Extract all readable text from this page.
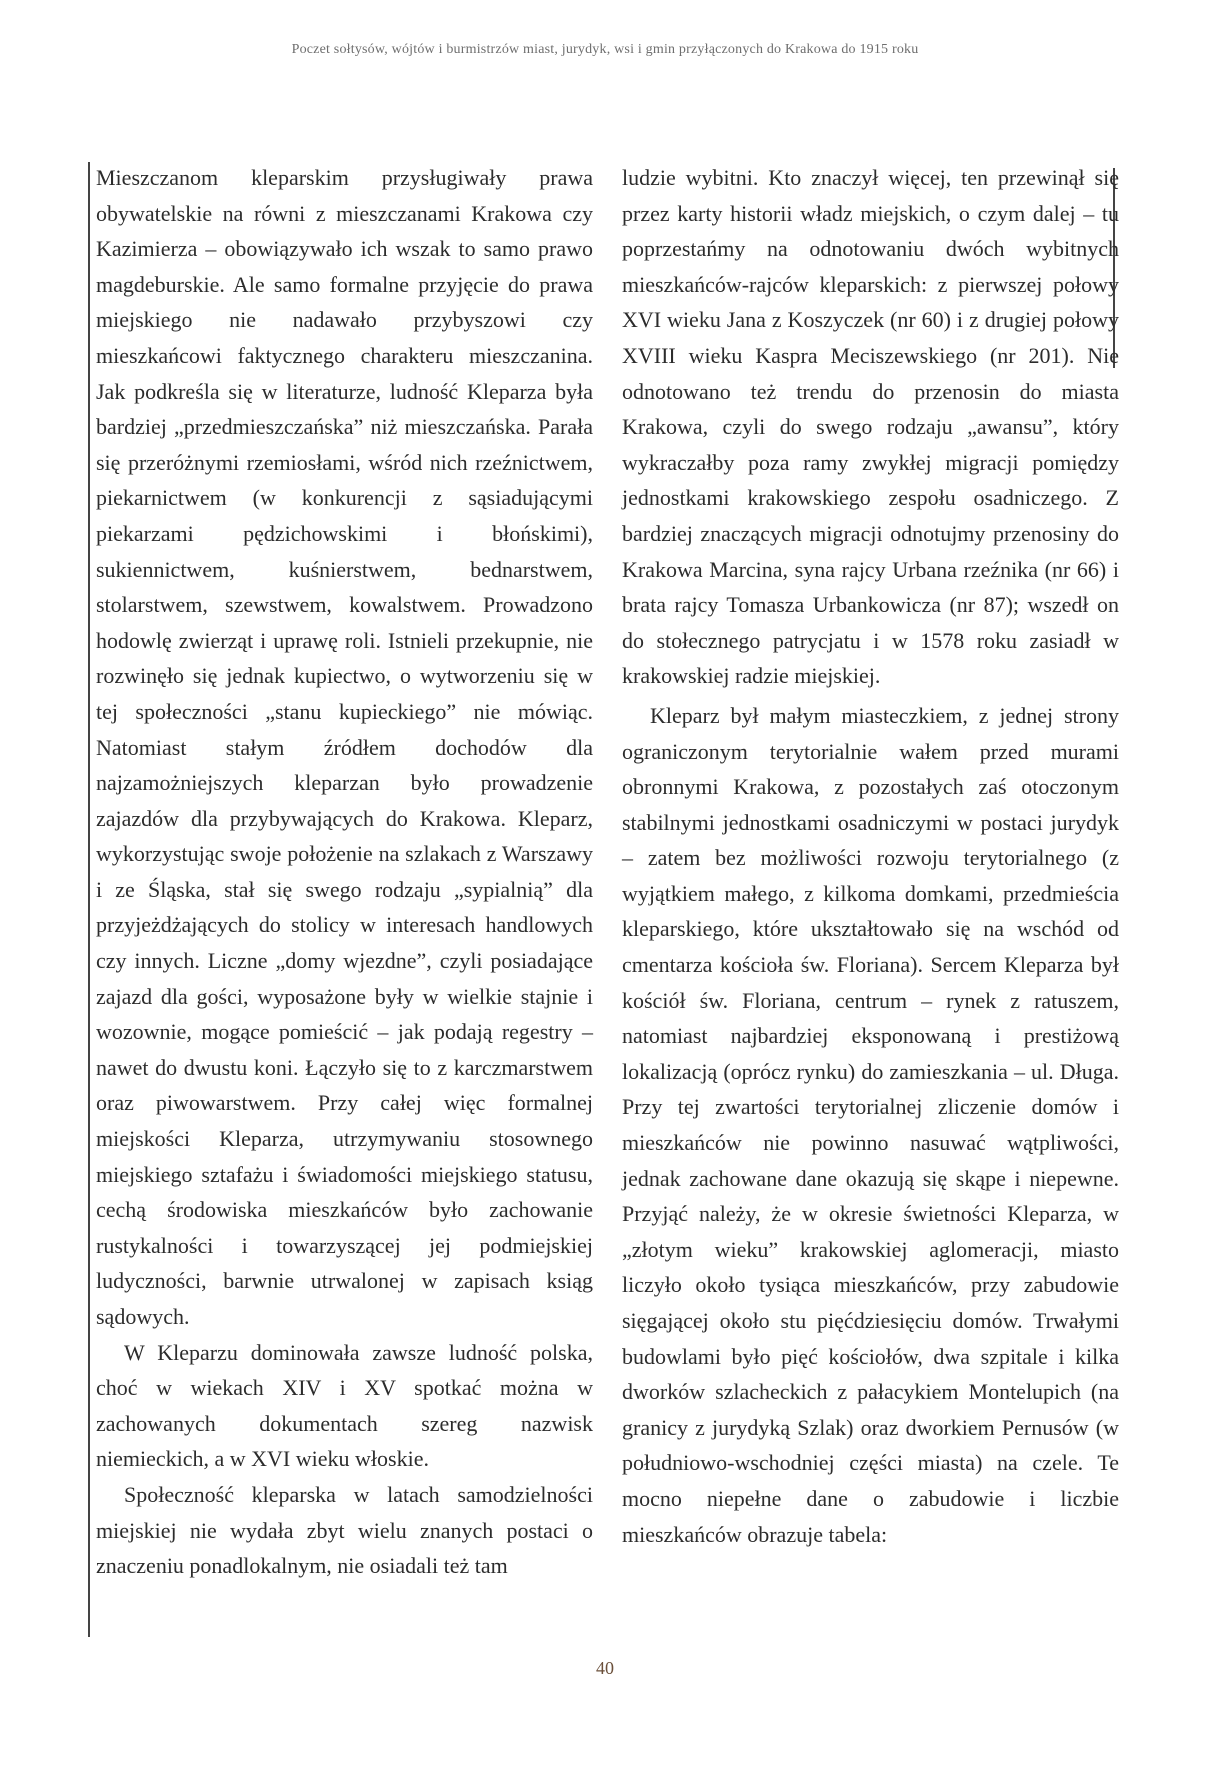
Poczet sołtysów, wójtów i burmistrzów miast, jurydyk, wsi i gmin przyłączonych do Krakowa do 1915 roku

Mieszczanom kleparskim przysługiwały prawa obywatelskie na równi z mieszczanami Krakowa czy Kazimierza – obowiązywało ich wszak to samo prawo magdeburskie. Ale samo formalne przyjęcie do prawa miejskiego nie nadawało przybyszowi czy mieszkańcowi faktycznego charakteru mieszczanina. Jak podkreśla się w literaturze, ludność Kleparza była bardziej „przedmieszczańska” niż mieszczańska. Parała się przeróżnymi rzemiosłami, wśród nich rzeźnictwem, piekarnictwem (w konkurencji z sąsiadującymi piekarzami pędzichowskimi i błońskimi), sukiennictwem, kuśnierstwem, bednarstwem, stolarstwem, szewstwem, kowalstwem. Prowadzono hodowlę zwierząt i uprawę roli. Istnieli przekupnie, nie rozwinęło się jednak kupiectwo, o wytworzeniu się w tej społeczności „stanu kupieckiego” nie mówiąc. Natomiast stałym źródłem dochodów dla najzamożniejszych kleparzan było prowadzenie zajazdów dla przybywających do Krakowa. Kleparz, wykorzystując swoje położenie na szlakach z Warszawy i ze Śląska, stał się swego rodzaju „sypialnią” dla przyjeżdżających do stolicy w interesach handlowych czy innych. Liczne „domy wjezdne”, czyli posiadające zajazd dla gości, wyposażone były w wielkie stajnie i wozownie, mogące pomieścić – jak podają regestry – nawet do dwustu koni. Łączyło się to z karczmarstwem oraz piwowarstwem. Przy całej więc formalnej miejskości Kleparza, utrzymywaniu stosownego miejskiego sztafażu i świadomości miejskiego statusu, cechą środowiska mieszkańców było zachowanie rustykalności i towarzyszącej jej podmiejskiej ludyczności, barwnie utrwalonej w zapisach ksiąg sądowych.

W Kleparzu dominowała zawsze ludność polska, choć w wiekach XIV i XV spotkać można w zachowanych dokumentach szereg nazwisk niemieckich, a w XVI wieku włoskie.

Społeczność kleparska w latach samodzielności miejskiej nie wydała zbyt wielu znanych postaci o znaczeniu ponadlokalnym, nie osiadali też tam

ludzie wybitni. Kto znaczył więcej, ten przewinął się przez karty historii władz miejskich, o czym dalej – tu poprzestańmy na odnotowaniu dwóch wybitnych mieszkańców-rajców kleparskich: z pierwszej połowy XVI wieku Jana z Koszyczek (nr 60) i z drugiej połowy XVIII wieku Kaspra Meciszewskiego (nr 201). Nie odnotowano też trendu do przenosin do miasta Krakowa, czyli do swego rodzaju „awansu”, który wykraczałby poza ramy zwykłej migracji pomiędzy jednostkami krakowskiego zespołu osadniczego. Z bardziej znaczących migracji odnotujmy przenosiny do Krakowa Marcina, syna rajcy Urbana rzeźnika (nr 66) i brata rajcy Tomasza Urbankowicza (nr 87); wszedł on do stołecznego patrycjatu i w 1578 roku zasiadł w krakowskiej radzie miejskiej.

Kleparz był małym miasteczkiem, z jednej strony ograniczonym terytorialnie wałem przed murami obronnymi Krakowa, z pozostałych zaś otoczonym stabilnymi jednostkami osadniczymi w postaci jurydyk – zatem bez możliwości rozwoju terytorialnego (z wyjątkiem małego, z kilkoma domkami, przedmieścia kleparskiego, które ukształtowało się na wschód od cmentarza kościoła św. Floriana). Sercem Kleparza był kościół św. Floriana, centrum – rynek z ratuszem, natomiast najbardziej eksponowaną i prestiżową lokalizacją (oprócz rynku) do zamieszkania – ul. Długa. Przy tej zwartości terytorialnej zliczenie domów i mieszkańców nie powinno nasuwać wątpliwości, jednak zachowane dane okazują się skąpe i niepewne. Przyjąć należy, że w okresie świetności Kleparza, w „złotym wieku” krakowskiej aglomeracji, miasto liczyło około tysiąca mieszkańców, przy zabudowie sięgającej około stu pięćdziesięciu domów. Trwałymi budowlami było pięć kościołów, dwa szpitale i kilka dworków szlacheckich z pałacykiem Montelupich (na granicy z jurydyką Szlak) oraz dworkiem Pernusów (w południowo-wschodniej części miasta) na czele. Te mocno niepełne dane o zabudowie i liczbie mieszkańców obrazuje tabela:

40
